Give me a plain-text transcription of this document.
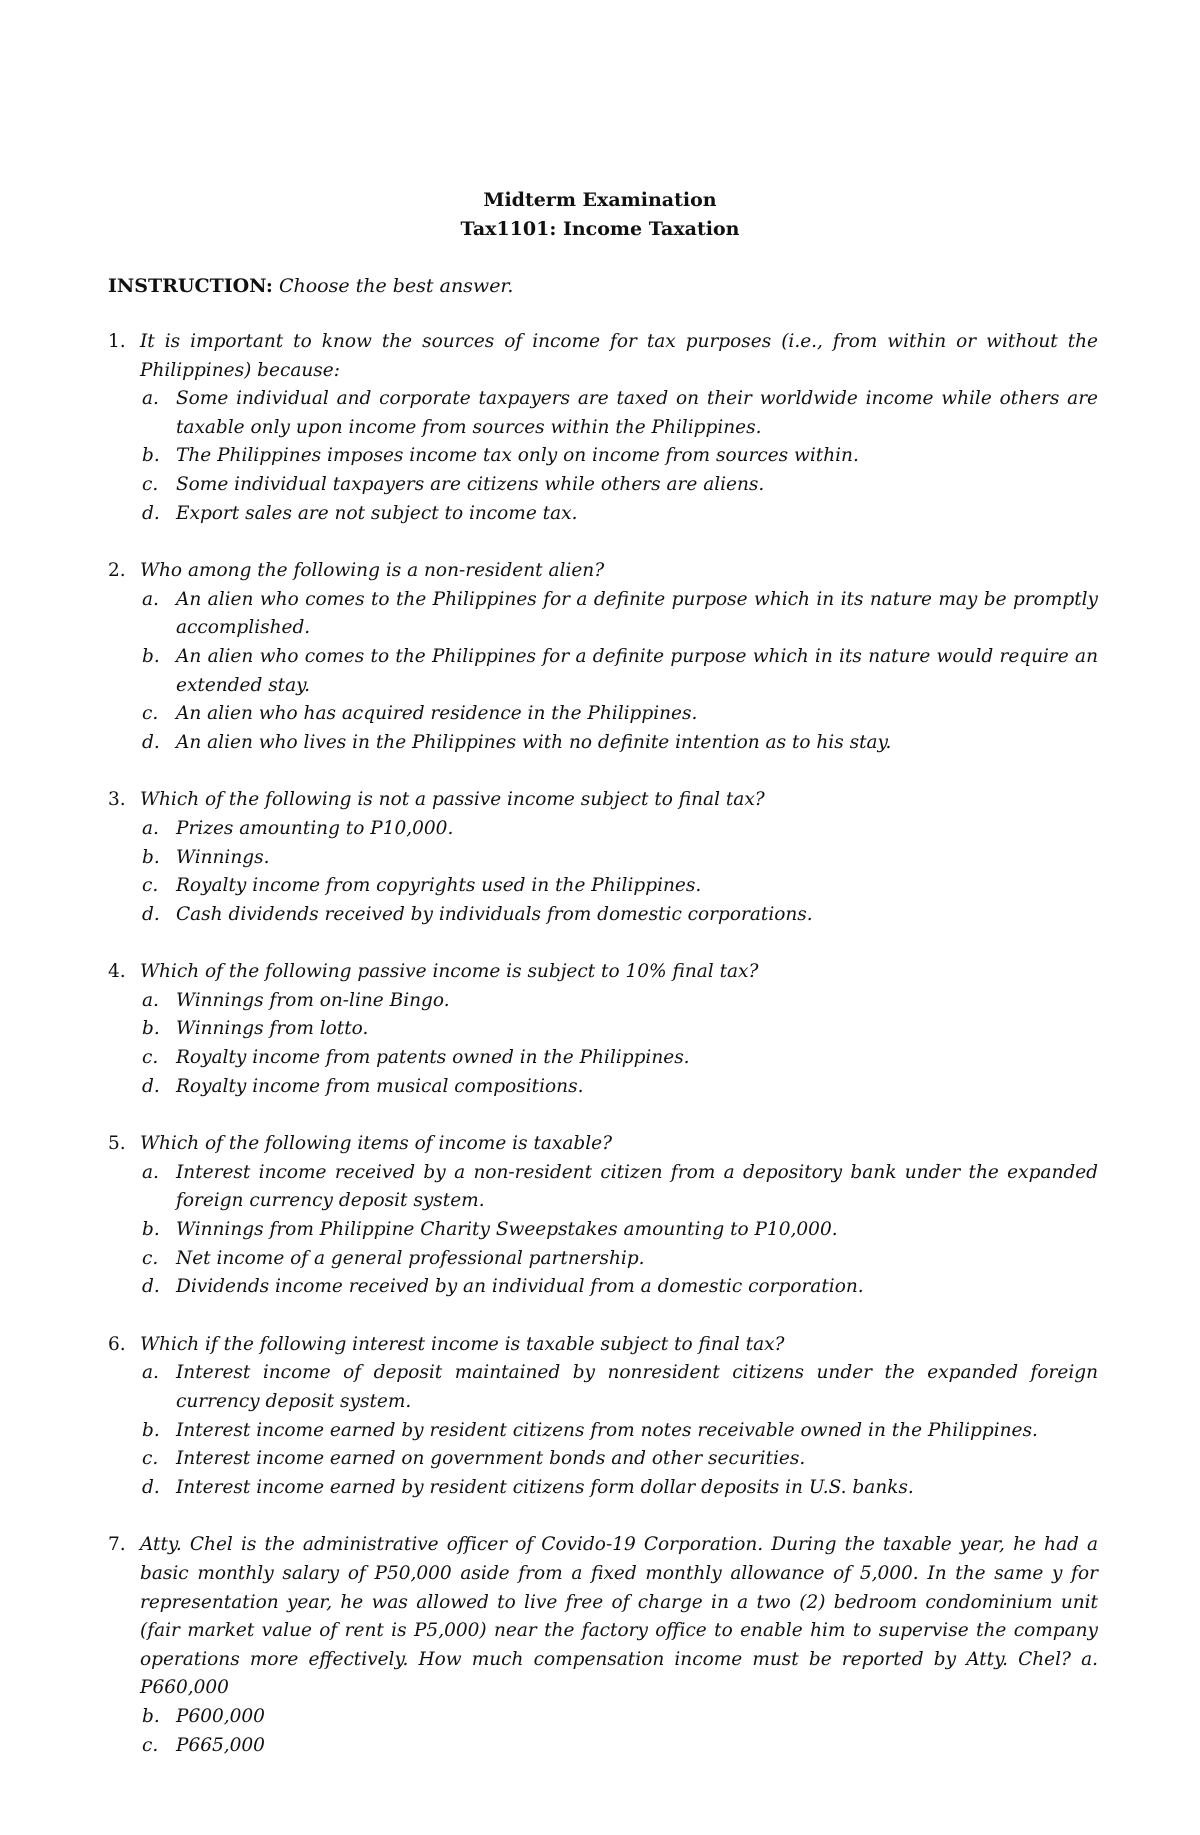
Midterm Examination
Tax1101: Income Taxation
INSTRUCTION: Choose the best answer.
1. It is important to know the sources of income for tax purposes (i.e., from within or without the Philippines) because:
a. Some individual and corporate taxpayers are taxed on their worldwide income while others are taxable only upon income from sources within the Philippines.
b. The Philippines imposes income tax only on income from sources within.
c. Some individual taxpayers are citizens while others are aliens.
d. Export sales are not subject to income tax.
2. Who among the following is a non-resident alien?
a. An alien who comes to the Philippines for a definite purpose which in its nature may be promptly accomplished.
b. An alien who comes to the Philippines for a definite purpose which in its nature would require an extended stay.
c. An alien who has acquired residence in the Philippines.
d. An alien who lives in the Philippines with no definite intention as to his stay.
3. Which of the following is not a passive income subject to final tax?
a. Prizes amounting to P10,000.
b. Winnings.
c. Royalty income from copyrights used in the Philippines.
d. Cash dividends received by individuals from domestic corporations.
4. Which of the following passive income is subject to 10% final tax?
a. Winnings from on-line Bingo.
b. Winnings from lotto.
c. Royalty income from patents owned in the Philippines.
d. Royalty income from musical compositions.
5. Which of the following items of income is taxable?
a. Interest income received by a non-resident citizen from a depository bank under the expanded foreign currency deposit system.
b. Winnings from Philippine Charity Sweepstakes amounting to P10,000.
c. Net income of a general professional partnership.
d. Dividends income received by an individual from a domestic corporation.
6. Which if the following interest income is taxable subject to final tax?
a. Interest income of deposit maintained by nonresident citizens under the expanded foreign currency deposit system.
b. Interest income earned by resident citizens from notes receivable owned in the Philippines.
c. Interest income earned on government bonds and other securities.
d. Interest income earned by resident citizens form dollar deposits in U.S. banks.
7. Atty. Chel is the administrative officer of Covido-19 Corporation. During the taxable year, he had a basic monthly salary of P50,000 aside from a fixed monthly allowance of 5,000. In the same y for representation year, he was allowed to live free of charge in a two (2) bedroom condominium unit (fair market value of rent is P5,000) near the factory office to enable him to supervise the company operations more effectively. How much compensation income must be reported by Atty. Chel? a. P660,000
b. P600,000
c. P665,000
